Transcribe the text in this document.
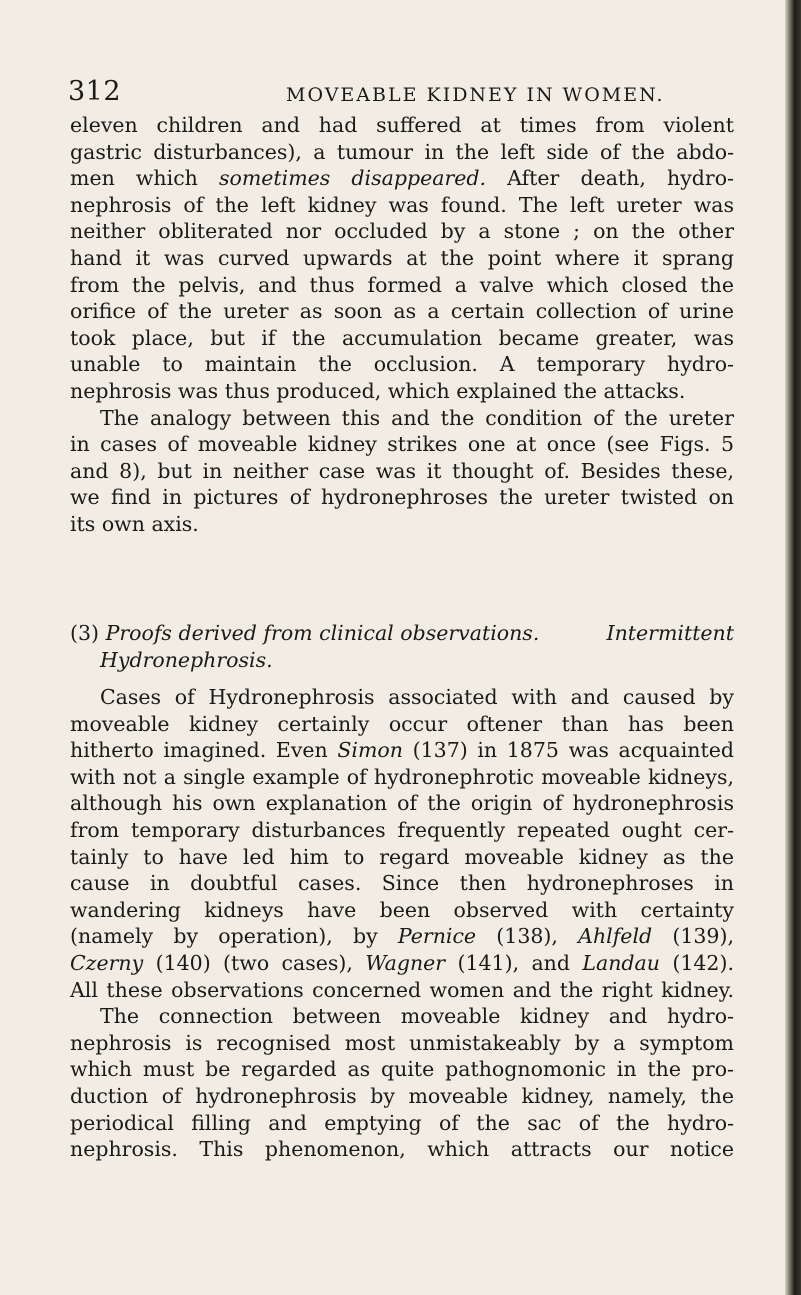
312	MOVEABLE KIDNEY IN WOMEN.
eleven children and had suffered at times from violent
gastric disturbances), a tumour in the left side of the abdo-
men which sometimes disappeared. After death, hydro-
nephrosis of the left kidney was found. The left ureter was
neither obliterated nor occluded by a stone ; on the other
hand it was curved upwards at the point where it sprang
from the pelvis, and thus formed a valve which closed the
orifice of the ureter as soon as a certain collection of urine
took place, but if the accumulation became greater, was
unable to maintain the occlusion. A temporary hydro-
nephrosis was thus produced, which explained the attacks.
The analogy between this and the condition of the ureter
in cases of moveable kidney strikes one at once (see Figs. 5
and 8), but in neither case was it thought of. Besides these,
we find in pictures of hydronephroses the ureter twisted on
its own axis.
(3) Proofs derived from clinical observations.	Intermittent
Hydronephrosis.
Cases of Hydronephrosis associated with and caused by
moveable kidney certainly occur oftener than has been
hitherto imagined. Even Simon (137) in 1875 was acquainted
with not a single example of hydronephrotic moveable kidneys,
although his own explanation of the origin of hydronephrosis
from temporary disturbances frequently repeated ought cer-
tainly to have led him to regard moveable kidney as the
cause in doubtful cases. Since then hydronephroses in
wandering kidneys have been observed with certainty
(namely by operation), by Pernice (138), Ahlfeld (139),
Czerny (140) (two cases), Wagner (141), and Landau (142).
All these observations concerned women and the right kidney.
The connection between moveable kidney and hydro-
nephrosis is recognised most unmistakeably by a symptom
which must be regarded as quite pathognomonic in the pro-
duction of hydronephrosis by moveable kidney, namely, the
periodical filling and emptying of the sac of the hydro-
nephrosis. This phenomenon, which attracts our notice
